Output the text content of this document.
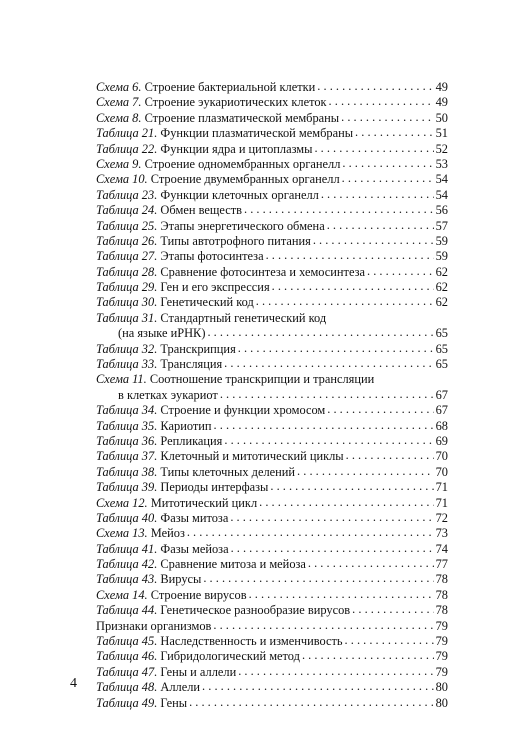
Схема 6. Строение бактериальной клетки . . .	49
Схема 7. Строение эукариотических клеток . . .	49
Схема 8. Строение плазматической мембраны . . .	50
Таблица 21. Функции плазматической мембраны . . .	51
Таблица 22. Функции ядра и цитоплазмы . . .	52
Схема 9. Строение одномембранных органелл . . .	53
Схема 10. Строение двумембранных органелл . . .	54
Таблица 23. Функции клеточных органелл . . .	54
Таблица 24. Обмен веществ . . .	56
Таблица 25. Этапы энергетического обмена . . .	57
Таблица 26. Типы автотрофного питания . . .	59
Таблица 27. Этапы фотосинтеза . . .	59
Таблица 28. Сравнение фотосинтеза и хемосинтеза . . .	62
Таблица 29. Ген и его экспрессия . . .	62
Таблица 30. Генетический код . . .	62
Таблица 31. Стандартный генетический код
(на языке иРНК) . . .	65
Таблица 32. Транскрипция . . .	65
Таблица 33. Трансляция . . .	65
Схема 11. Соотношение транскрипции и трансляции
в клетках эукариот . . .	67
Таблица 34. Строение и функции хромосом . . .	67
Таблица 35. Кариотип . . .	68
Таблица 36. Репликация . . .	69
Таблица 37. Клеточный и митотический циклы . . .	70
Таблица 38. Типы клеточных делений . . .	70
Таблица 39. Периоды интерфазы . . .	71
Схема 12. Митотический цикл . . .	71
Таблица 40. Фазы митоза . . .	72
Схема 13. Мейоз . . .	73
Таблица 41. Фазы мейоза . . .	74
Таблица 42. Сравнение митоза и мейоза . . .	77
Таблица 43. Вирусы . . .	78
Схема 14. Строение вирусов . . .	78
Таблица 44. Генетическое разнообразие вирусов . . .	78
Признаки организмов . . .	79
Таблица 45. Наследственность и изменчивость . . .	79
Таблица 46. Гибридологический метод . . .	79
Таблица 47. Гены и аллели . . .	79
Таблица 48. Аллели . . .	80
Таблица 49. Гены . . .	80
4
